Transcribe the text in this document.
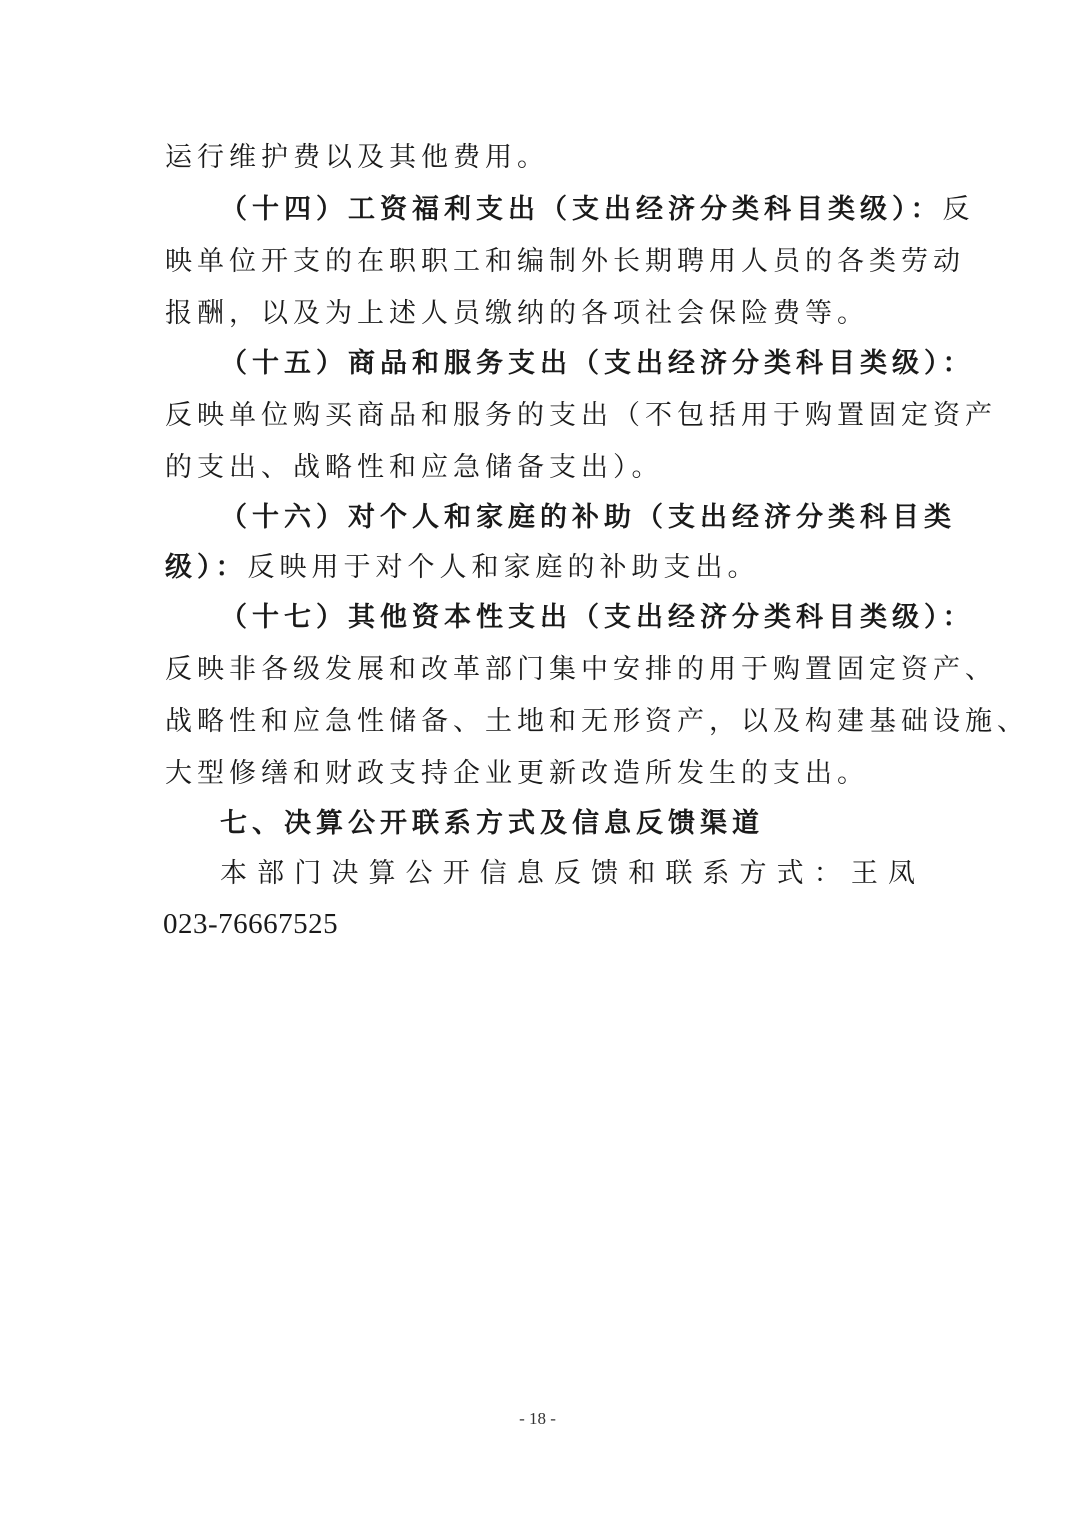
运行维护费以及其他费用。
（十四）工资福利支出（支出经济分类科目类级）：反
映单位开支的在职职工和编制外长期聘用人员的各类劳动
报酬，以及为上述人员缴纳的各项社会保险费等。
（十五）商品和服务支出（支出经济分类科目类级）：
反映单位购买商品和服务的支出（不包括用于购置固定资产
的支出、战略性和应急储备支出）。
（十六）对个人和家庭的补助（支出经济分类科目类
级）：反映用于对个人和家庭的补助支出。
（十七）其他资本性支出（支出经济分类科目类级）：
反映非各级发展和改革部门集中安排的用于购置固定资产、
战略性和应急性储备、土地和无形资产，以及构建基础设施、
大型修缮和财政支持企业更新改造所发生的支出。
七、决算公开联系方式及信息反馈渠道
本 部 门 决 算 公 开 信 息 反 馈 和 联 系 方 式 ： 王 凤
023-76667525
- 18 -
